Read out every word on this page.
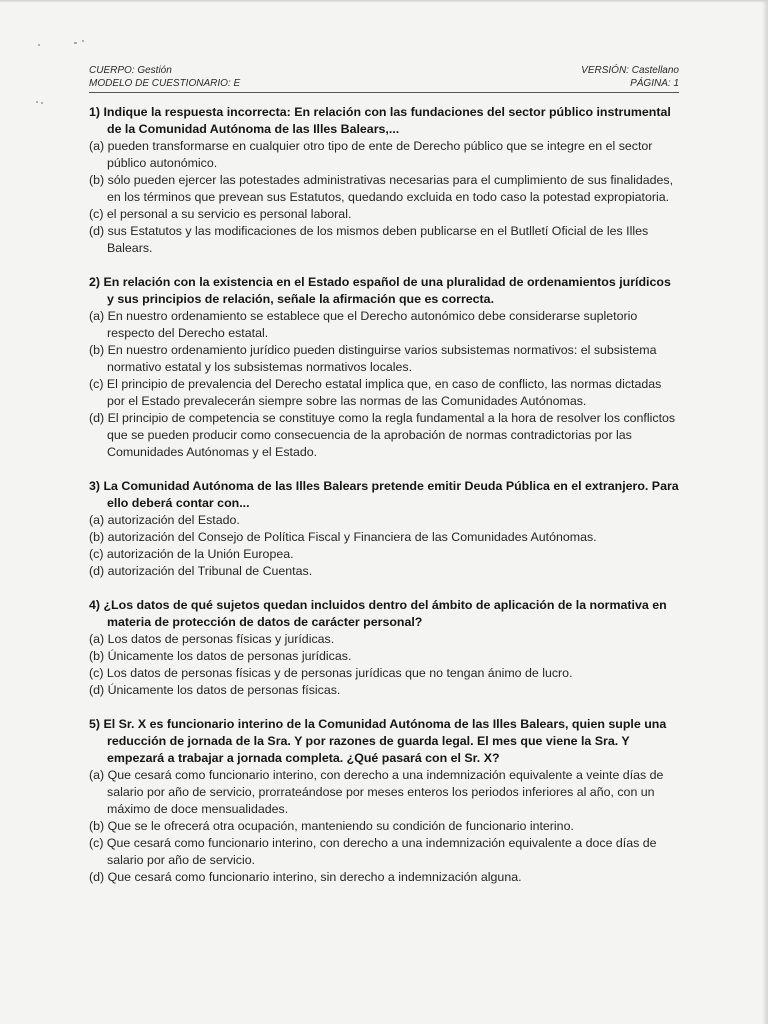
CUERPO: Gestión	VERSIÓN: Castellano
MODELO DE CUESTIONARIO: E	PÁGINA: 1
1) Indique la respuesta incorrecta: En relación con las fundaciones del sector público instrumental de la Comunidad Autónoma de las Illes Balears,...
(a) pueden transformarse en cualquier otro tipo de ente de Derecho público que se integre en el sector público autonómico.
(b) sólo pueden ejercer las potestades administrativas necesarias para el cumplimiento de sus finalidades, en los términos que prevean sus Estatutos, quedando excluida en todo caso la potestad expropiatoria.
(c) el personal a su servicio es personal laboral.
(d) sus Estatutos y las modificaciones de los mismos deben publicarse en el Butlletí Oficial de les Illes Balears.
2) En relación con la existencia en el Estado español de una pluralidad de ordenamientos jurídicos y sus principios de relación, señale la afirmación que es correcta.
(a) En nuestro ordenamiento se establece que el Derecho autonómico debe considerarse supletorio respecto del Derecho estatal.
(b) En nuestro ordenamiento jurídico pueden distinguirse varios subsistemas normativos: el subsistema normativo estatal y los subsistemas normativos locales.
(c) El principio de prevalencia del Derecho estatal implica que, en caso de conflicto, las normas dictadas por el Estado prevalecerán siempre sobre las normas de las Comunidades Autónomas.
(d) El principio de competencia se constituye como la regla fundamental a la hora de resolver los conflictos que se pueden producir como consecuencia de la aprobación de normas contradictorias por las Comunidades Autónomas y el Estado.
3) La Comunidad Autónoma de las Illes Balears pretende emitir Deuda Pública en el extranjero. Para ello deberá contar con...
(a) autorización del Estado.
(b) autorización del Consejo de Política Fiscal y Financiera de las Comunidades Autónomas.
(c) autorización de la Unión Europea.
(d) autorización del Tribunal de Cuentas.
4) ¿Los datos de qué sujetos quedan incluidos dentro del ámbito de aplicación de la normativa en materia de protección de datos de carácter personal?
(a) Los datos de personas físicas y jurídicas.
(b) Únicamente los datos de personas jurídicas.
(c) Los datos de personas físicas y de personas jurídicas que no tengan ánimo de lucro.
(d) Únicamente los datos de personas físicas.
5) El Sr. X es funcionario interino de la Comunidad Autónoma de las Illes Balears, quien suple una reducción de jornada de la Sra. Y por razones de guarda legal. El mes que viene la Sra. Y empezará a trabajar a jornada completa. ¿Qué pasará con el Sr. X?
(a) Que cesará como funcionario interino, con derecho a una indemnización equivalente a veinte días de salario por año de servicio, prorrateándose por meses enteros los periodos inferiores al año, con un máximo de doce mensualidades.
(b) Que se le ofrecerá otra ocupación, manteniendo su condición de funcionario interino.
(c) Que cesará como funcionario interino, con derecho a una indemnización equivalente a doce días de salario por año de servicio.
(d) Que cesará como funcionario interino, sin derecho a indemnización alguna.
